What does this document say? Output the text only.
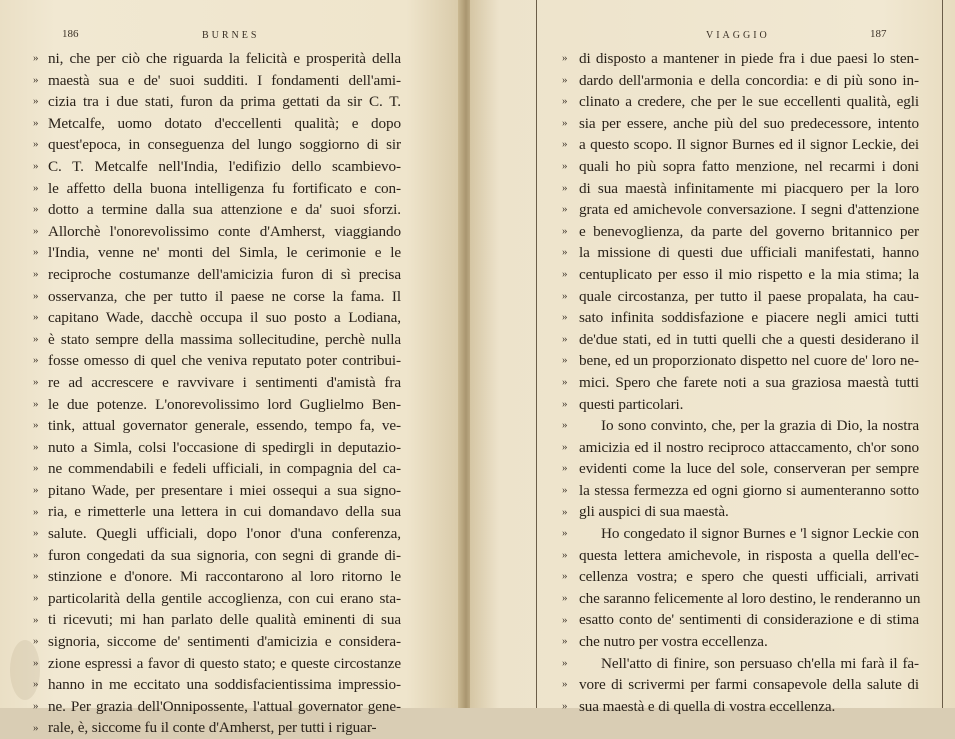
186	BURNES
»
»
»
»
»
»
»
»
»
»
»
»
»
»
»
»
»
»
»
»
»
»
»
»
»
»
»
»
»
»
»
»
ni, che per ciò che riguarda la felicità e prosperità della
maestà sua e de' suoi sudditi. I fondamenti dell'ami-
cizia tra i due stati, furon da prima gettati da sir C. T.
Metcalfe, uomo dotato d'eccellenti qualità; e dopo
quest'epoca, in conseguenza del lungo soggiorno di sir
C. T. Metcalfe nell'India, l'edifizio dello scambievo-
le affetto della buona intelligenza fu fortificato e con-
dotto a termine dalla sua attenzione e da' suoi sforzi.
Allorchè l'onorevolissimo conte d'Amherst, viaggiando
l'India, venne ne' monti del Simla, le cerimonie e le
reciproche costumanze dell'amicizia furon di sì precisa
osservanza, che per tutto il paese ne corse la fama. Il
capitano Wade, dacchè occupa il suo posto a Lodiana,
è stato sempre della massima sollecitudine, perchè nulla
fosse omesso di quel che veniva reputato poter contribui-
re ad accrescere e ravvivare i sentimenti d'amistà fra
le due potenze. L'onorevolissimo lord Guglielmo Ben-
tink, attual governator generale, essendo, tempo fa, ve-
nuto a Simla, colsi l'occasione di spedirgli in deputazio-
ne commendabili e fedeli ufficiali, in compagnia del ca-
pitano Wade, per presentare i miei ossequi a sua signo-
ria, e rimetterle una lettera in cui domandavo della sua
salute. Quegli ufficiali, dopo l'onor d'una conferenza,
furon congedati da sua signoria, con segni di grande di-
stinzione e d'onore. Mi raccontarono al loro ritorno le
particolarità della gentile accoglienza, con cui erano sta-
ti ricevuti; mi han parlato delle qualità eminenti di sua
signoria, siccome de' sentimenti d'amicizia e considera-
zione espressi a favor di questo stato; e queste circostanze
hanno in me eccitato una soddisfacientissima impressio-
ne. Per grazia dell'Onnipossente, l'attual governator gene-
rale, è, siccome fu il conte d'Amherst, per tutti i riguar-
VIAGGIO	187
»
»
»
»
»
»
»
»
»
»
»
»
»
»
»
»
»
»
»
»
»
»
»
»
»
»
»
»
»
»
»
di disposto a mantener in piede fra i due paesi lo sten-
dardo dell'armonia e della concordia: e di più sono in-
clinato a credere, che per le sue eccellenti qualità, egli
sia per essere, anche più del suo predecessore, intento
a questo scopo. Il signor Burnes ed il signor Leckie, dei
quali ho più sopra fatto menzione, nel recarmi i doni
di sua maestà infinitamente mi piacquero per la loro
grata ed amichevole conversazione. I segni d'attenzione
e benevoglienza, da parte del governo britannico per
la missione di questi due ufficiali manifestati, hanno
centuplicato per esso il mio rispetto e la mia stima; la
quale circostanza, per tutto il paese propalata, ha cau-
sato infinita soddisfazione e piacere negli amici tutti
de'due stati, ed in tutti quelli che a questi desiderano il
bene, ed un proporzionato dispetto nel cuore de' loro ne-
mici. Spero che farete noti a sua graziosa maestà tutti
questi particolari.
Io sono convinto, che, per la grazia di Dio, la nostra
amicizia ed il nostro reciproco attaccamento, ch'or sono
evidenti come la luce del sole, conserveran per sempre
la stessa fermezza ed ogni giorno si aumenteranno sotto
gli auspici di sua maestà.
Ho congedato il signor Burnes e 'l signor Leckie con
questa lettera amichevole, in risposta a quella dell'ec-
cellenza vostra; e spero che questi ufficiali, arrivati
che saranno felicemente al loro destino, le renderanno un
esatto conto de' sentimenti di considerazione e di stima
che nutro per vostra eccellenza.
Nell'atto di finire, son persuaso ch'ella mi farà il fa-
vore di scrivermi per farmi consapevole della salute di
sua maestà e di quella di vostra eccellenza.
